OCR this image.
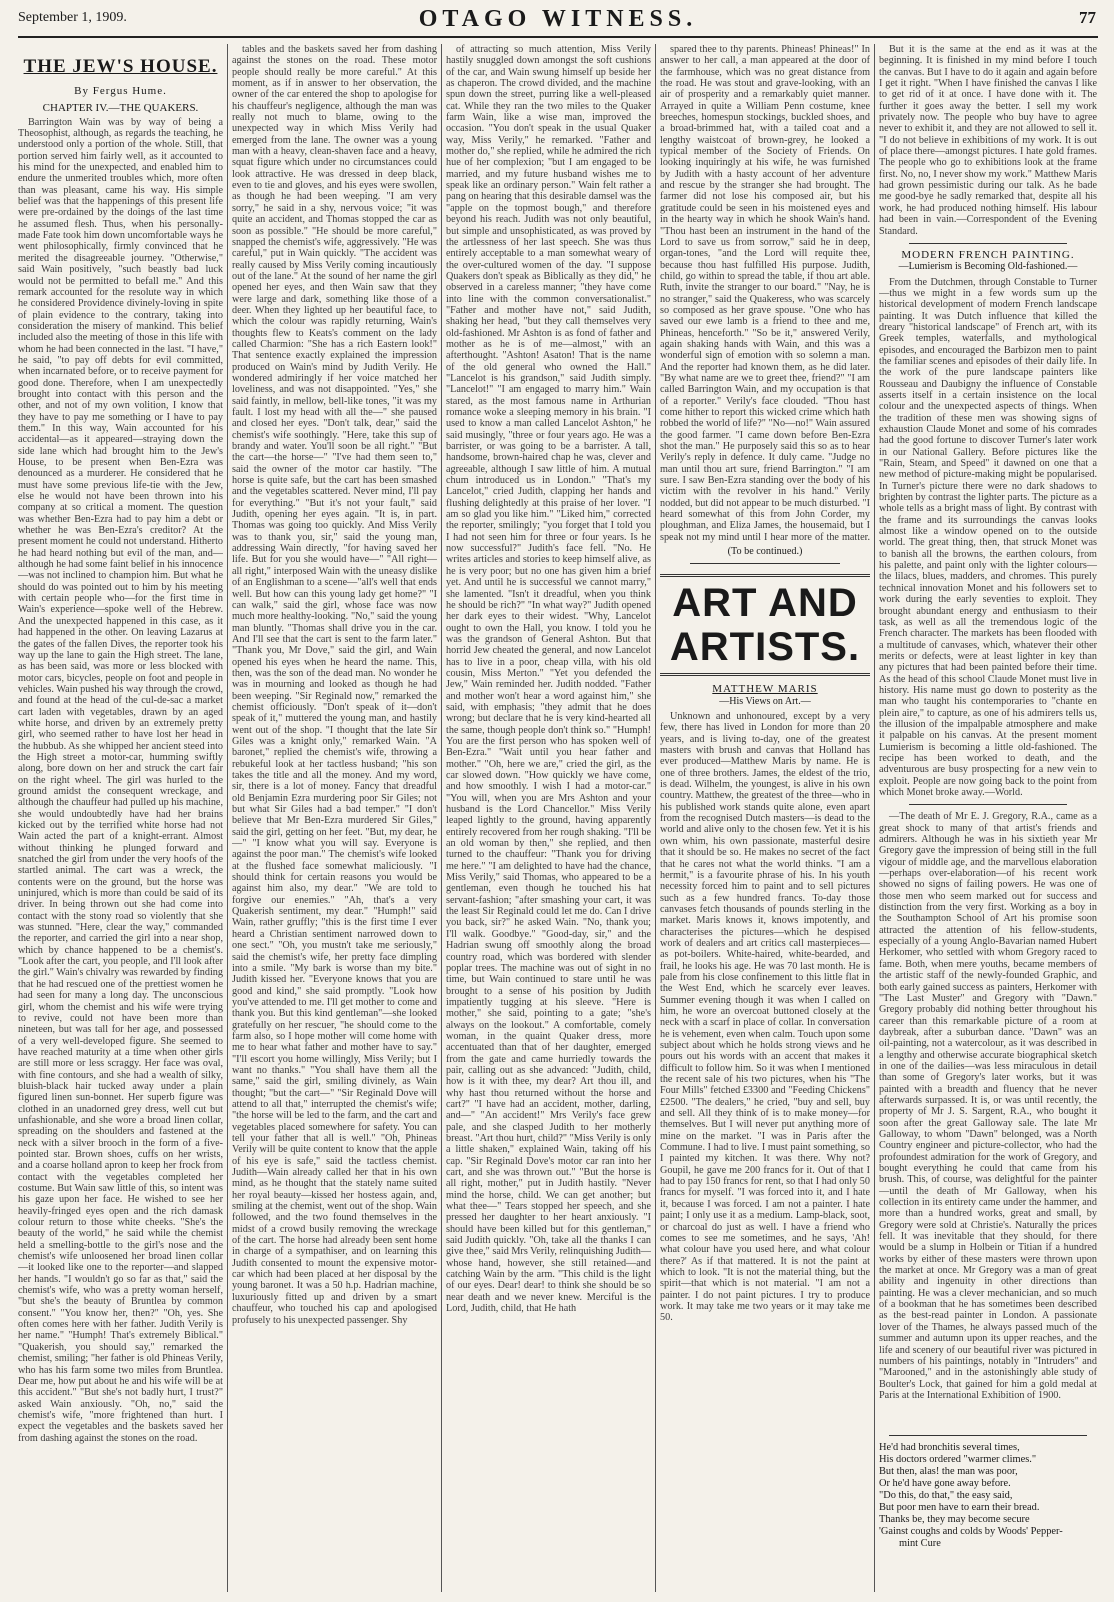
September 1, 1909.	OTAGO WITNESS.	77
THE JEW'S HOUSE.
By Fergus Hume.
CHAPTER IV.—THE QUAKERS.

Barrington Wain was by way of being a Theosophist, although, as regards the teaching, he understood only a portion of the whole. Still, that portion served him fairly well, as it accounted to his mind for the unexpected, and enabled him to endure the unmerited troubles which, more often than was pleasant, came his way. His simple belief was that the happenings of this present life were pre-ordained by the doings of the last time he assumed flesh. Thus, when his personally-made Fate took him down uncomfortable ways he went philosophically, firmly convinced that he merited the disagreeable journey. "Otherwise," said Wain positively, "such beastly bad luck would not be permitted to befall me." And this remark accounted for the resolute way in which he considered Providence divinely-loving in spite of plain evidence to the contrary, taking into consideration the misery of mankind. This belief included also the meeting of those in this life with whom he had been connected in the last. "I have," he said, "to pay off debts for evil committed, when incarnated before, or to receive payment for good done. Therefore, when I am unexpectedly brought into contact with this person and the other, and not of my own volition, I know that they have to pay me something or I have to pay them." In this way, Wain accounted for his accidental—as it appeared—straying down the side lane which had brought him to the Jew's House, to be present when Ben-Ezra was denounced as a murderer. He considered that he must have some previous life-tie with the Jew, else he would not have been thrown into his company at so critical a moment. The question was whether Ben-Ezra had to pay him a debt or whether he was Ben-Ezra's creditor? At the present moment he could not understand. Hitherto he had heard nothing but evil of the man, and—although he had some faint belief in his innocence—was not inclined to champion him. But what he should do was pointed out to him by his meeting with certain people who—for the first time in Wain's experience—spoke well of the Hebrew. And the unexpected happened in this case, as it had happened in the other. On leaving Lazarus at the gates of the fallen Dives, the reporter took his way up the lane to gain the High street. The lane, as has been said, was more or less blocked with motor cars, bicycles, people on foot and people in vehicles. Wain pushed his way through the crowd, and found at the head of the cul-de-sac a market cart laden with vegetables, drawn by an aged white horse, and driven by an extremely pretty girl, who seemed rather to have lost her head in the hubbub. As she whipped her ancient steed into the High street a motor-car, humming swiftly along, bore down on her and struck the cart fair on the right wheel. The girl was hurled to the ground amidst the consequent wreckage, and although the chauffeur had pulled up his machine, she would undoubtedly have had her brains kicked out by the terrified white horse had not Wain acted the part of a knight-errant. Almost without thinking he plunged forward and snatched the girl from under the very hoofs of the startled animal. The cart was a wreck, the contents were on the ground, but the horse was uninjured, which is more than could be said of its driver. In being thrown out she had come into contact with the stony road so violently that she was stunned. "Here, clear the way," commanded the reporter, and carried the girl into a near shop, which by chance happened to be a chemist's. "Look after the cart, you people, and I'll look after the girl." Wain's chivalry was rewarded by finding that he had rescued one of the prettiest women he had seen for many a long day. The unconscious girl, whom the chemist and his wife were trying to revive, could not have been more than nineteen, but was tall for her age, and possessed of a very well-developed figure. She seemed to have reached maturity at a time when other girls are still more or less scraggy. Her face was oval, with fine contours, and she had a wealth of silky, bluish-black hair tucked away under a plain figured linen sun-bonnet. Her superb figure was clothed in an unadorned grey dress, well cut but unfashionable, and she wore a broad linen collar, spreading on the shoulders and fastened at the neck with a silver brooch in the form of a five-pointed star. Brown shoes, cuffs on her wrists, and a coarse holland apron to keep her frock from contact with the vegetables completed her costume. But Wain saw little of this, so intent was his gaze upon her face. He wished to see her heavily-fringed eyes open and the rich damask colour return to those white cheeks. "She's the beauty of the world," he said while the chemist held a smelling-bottle to the girl's nose and the chemist's wife unloosened her broad linen collar—it looked like one to the reporter—and slapped her hands. "I wouldn't go so far as that," said the chemist's wife, who was a pretty woman herself, "but she's the beauty of Bruntlea by common consent." "You know her, then?" "Oh, yes. She often comes here with her father. Judith Verily is her name." "Humph! That's extremely Biblical." "Quakerish, you should say," remarked the chemist, smiling; "her father is old Phineas Verily, who has his farm some two miles from Bruntlea. Dear me, how put about he and his wife will be at this accident." "But she's not badly hurt, I trust?" asked Wain anxiously. "Oh, no," said the chemist's wife, "more frightened than hurt. I expect the vegetables and the baskets saved her from dashing against the stones on the road.

tables and the baskets saved her from dashing against the stones on the road. These motor people should really be more careful." At this moment, as if in answer to her observation, the owner of the car entered the shop to apologise for his chauffeur's negligence, although the man was really not much to blame, owing to the unexpected way in which Miss Verily had emerged from the lane. The owner was a young man with a heavy, clean-shaven face and a heavy, squat figure which under no circumstances could look attractive. He was dressed in deep black, even to tie and gloves, and his eyes were swollen, as though he had been weeping. "I am very sorry," he said in a shy, nervous voice; "it was quite an accident, and Thomas stopped the car as soon as possible." "He should be more careful," snapped the chemist's wife, aggressively. "He was careful," put in Wain quickly. "The accident was really caused by Miss Verily coming incautiously out of the lane." At the sound of her name the girl opened her eyes, and then Wain saw that they were large and dark, something like those of a deer. When they lighted up her beautiful face, to which the colour was rapidly returning, Wain's thoughts flew to Keats's comment on the lady called Charmion: "She has a rich Eastern look!" That sentence exactly explained the impression produced on Wain's mind by Judith Verily. He wondered admiringly if her voice matched her loveliness, and was not disappointed. "Yes," she said faintly, in mellow, bell-like tones, "it was my fault. I lost my head with all the—" she paused and closed her eyes. "Don't talk, dear," said the chemist's wife soothingly. "Here, take this sup of brandy and water. You'll soon be all right." "But the cart—the horse—" "I've had them seen to," said the owner of the motor car hastily. "The horse is quite safe, but the cart has been smashed and the vegetables scattered. Never mind, I'll pay for everything." "But it's not your fault," said Judith, opening her eyes again. "It is, in part. Thomas was going too quickly. And Miss Verily was to thank you, sir," said the young man, addressing Wain directly, "for having saved her life. But for you she would have—" "All right—all right," interposed Wain with the uneasy dislike of an Englishman to a scene—"all's well that ends well. But how can this young lady get home?" "I can walk," said the girl, whose face was now much more healthy-looking. "No," said the young man bluntly. "Thomas shall drive you in the car. And I'll see that the cart is sent to the farm later." "Thank you, Mr Dove," said the girl, and Wain opened his eyes when he heard the name. This, then, was the son of the dead man. No wonder he was in mourning and looked as though he had been weeping. "Sir Reginald now," remarked the chemist officiously. "Don't speak of it—don't speak of it," muttered the young man, and hastily went out of the shop. "I thought that the late Sir Giles was a knight only," remarked Wain. "A baronet," replied the chemist's wife, throwing a rebukeful look at her tactless husband; "his son takes the title and all the money. And my word, sir, there is a lot of money. Fancy that dreadful old Benjamin Ezra murdering poor Sir Giles; not but what Sir Giles had a bad temper." "I don't believe that Mr Ben-Ezra murdered Sir Giles," said the girl, getting on her feet. "But, my dear, he—" "I know what you will say. Everyone is against the poor man." The chemist's wife looked at the flushed face somewhat maliciously. "I should think for certain reasons you would be against him also, my dear." "We are told to forgive our enemies." "Ah, that's a very Quakerish sentiment, my dear." "Humph!" said Wain, rather gruffly; "this is the first time I ever heard a Christian sentiment narrowed down to one sect." "Oh, you mustn't take me seriously," said the chemist's wife, her pretty face dimpling into a smile. "My bark is worse than my bite." Judith kissed her. "Everyone knows that you are good and kind," she said promptly. "Look how you've attended to me. I'll get mother to come and thank you. But this kind gentleman"—she looked gratefully on her rescuer, "he should come to the farm also, so I hope mother will come home with me to hear what father and mother have to say." "I'll escort you home willingly, Miss Verily; but I want no thanks." "You shall have them all the same," said the girl, smiling divinely, as Wain thought; "but the cart—" "Sir Reginald Dove will attend to all that," interrupted the chemist's wife; "the horse will be led to the farm, and the cart and vegetables placed somewhere for safety. You can tell your father that all is well." "Oh, Phineas Verily will be quite content to know that the apple of his eye is safe," said the tactless chemist. Judith—Wain already called her that in his own mind, as he thought that the stately name suited her royal beauty—kissed her hostess again, and, smiling at the chemist, went out of the shop. Wain followed, and the two found themselves in the midst of a crowd busily removing the wreckage of the cart. The horse had already been sent home in charge of a sympathiser, and on learning this Judith consented to mount the expensive motor-car which had been placed at her disposal by the young baronet. It was a 50 h.p. Hadrian machine, luxuriously fitted up and driven by a smart chauffeur, who touched his cap and apologised profusely to his unexpected passenger. Shy

of attracting so much attention, Miss Verily hastily snuggled down amongst the soft cushions of the car, and Wain swung himself up beside her as chaperon. The crowd divided, and the machine spun down the street, purring like a well-pleased cat. While they ran the two miles to the Quaker farm Wain, like a wise man, improved the occasion. "You don't speak in the usual Quaker way, Miss Verily," he remarked. "Father and mother do," she replied, while he admired the rich hue of her complexion; "but I am engaged to be married, and my future husband wishes me to speak like an ordinary person." Wain felt rather a pang on hearing that this desirable damsel was the "apple on the topmost bough," and therefore beyond his reach. Judith was not only beautiful, but simple and unsophisticated, as was proved by the artlessness of her last speech. She was thus entirely acceptable to a man somewhat weary of the over-cultured women of the day. "I suppose Quakers don't speak as Biblically as they did," he observed in a careless manner; "they have come into line with the common conversationalist." "Father and mother have not," said Judith, shaking her head, "but they call themselves very old-fashioned. Mr Ashton is as fond of father and mother as he is of me—almost," with an afterthought. "Ashton! Asaton! That is the name of the old general who owned the Hall." "Lancelot is his grandson," said Judith simply. "Lancelot!" "I am engaged to marry him." Wain stared, as the most famous name in Arthurian romance woke a sleeping memory in his brain. "I used to know a man called Lancelot Ashton," he said musingly, "three or four years ago. He was a barrister, or was going to be a barrister. A tall, handsome, brown-haired chap he was, clever and agreeable, although I saw little of him. A mutual chum introduced us in London." "That's my Lancelot," cried Judith, clapping her hands and flushing delightedly at this praise of her lover. "I am so glad you like him." "Liked him," corrected the reporter, smilingly; "you forget that I told you I had not seen him for three or four years. Is he now successful?" Judith's face fell. "No. He writes articles and stories to keep himself alive, as he is very poor; but no one has given him a brief yet. And until he is successful we cannot marry," she lamented. "Isn't it dreadful, when you think he should be rich?" "In what way?" Judith opened her dark eyes to their widest. "Why, Lancelot ought to own the Hall, you know. I told you he was the grandson of General Ashton. But that horrid Jew cheated the general, and now Lancelot has to live in a poor, cheap villa, with his old cousin, Miss Merton." "Yet you defended the Jew," Wain reminded her. Judith nodded. "Father and mother won't hear a word against him," she said, with emphasis; "they admit that he does wrong; but declare that he is very kind-hearted all the same, though people don't think so." "Humph! You are the first person who has spoken well of Ben-Ezra." "Wait until you hear father and mother." "Oh, here we are," cried the girl, as the car slowed down. "How quickly we have come, and how smoothly. I wish I had a motor-car." "You will, when you are Mrs Ashton and your husband is the Lord Chancellor." Miss Verily leaped lightly to the ground, having apparently entirely recovered from her rough shaking. "I'll be an old woman by then," she replied, and then turned to the chauffeur: "Thank you for driving me here." "I am delighted to have had the chance, Miss Verily," said Thomas, who appeared to be a gentleman, even though he touched his hat servant-fashion; "after smashing your cart, it was the least Sir Reginald could let me do. Can I drive you back, sir?" he asked Wain. "No, thank you; I'll walk. Goodbye." "Good-day, sir," and the Hadrian swung off smoothly along the broad country road, which was bordered with slender poplar trees. The machine was out of sight in no time, but Wain continued to stare until he was brought to a sense of his position by Judith impatiently tugging at his sleeve. "Here is mother," she said, pointing to a gate; "she's always on the lookout." A comfortable, comely woman, in the quaint Quaker dress, more accentuated than that of her daughter, emerged from the gate and came hurriedly towards the pair, calling out as she advanced: "Judith, child, how is it with thee, my dear? Art thou ill, and why hast thou returned without the horse and cart?" "I have had an accident, mother, darling, and—" "An accident!" Mrs Verily's face grew pale, and she clasped Judith to her motherly breast. "Art thou hurt, child?" "Miss Verily is only a little shaken," explained Wain, taking off his cap. "Sir Reginald Dove's motor car ran into her cart, and she was thrown out." "But the horse is all right, mother," put in Judith hastily. "Never mind the horse, child. We can get another; but what thee—" Tears stopped her speech, and she pressed her daughter to her heart anxiously. "I should have been killed but for this gentleman," said Judith quickly. "Oh, take all the thanks I can give thee," said Mrs Verily, relinquishing Judith—whose hand, however, she still retained—and catching Wain by the arm. "This child is the light of our eyes. Dear! dear! to think she should be so near death and we never knew. Merciful is the Lord, Judith, child, that He hath

spared thee to thy parents. Phineas! Phineas!" In answer to her call, a man appeared at the door of the farmhouse, which was no great distance from the road. He was stout and grave-looking, with an air of prosperity and a remarkably quiet manner. Arrayed in quite a William Penn costume, knee breeches, homespun stockings, buckled shoes, and a broad-brimmed hat, with a tailed coat and a lengthy waistcoat of brown-grey, he looked a typical member of the Society of Friends. On looking inquiringly at his wife, he was furnished by Judith with a hasty account of her adventure and rescue by the stranger she had brought. The farmer did not lose his composed air, but his gratitude could be seen in his moistened eyes and in the hearty way in which he shook Wain's hand. "Thou hast been an instrument in the hand of the Lord to save us from sorrow," said he in deep, organ-tones, "and the Lord will requite thee, because thou hast fulfilled His purpose. Judith, child, go within to spread the table, if thou art able. Ruth, invite the stranger to our board." "Nay, he is no stranger," said the Quakeress, who was scarcely so composed as her grave spouse. "One who has saved our ewe lamb is a friend to thee and me, Phineas, henceforth." "So be it," answered Verily, again shaking hands with Wain, and this was a wonderful sign of emotion with so solemn a man. And the reporter had known them, as he did later. "By what name are we to greet thee, friend?" "I am called Barrington Wain, and my occupation is that of a reporter." Verily's face clouded. "Thou hast come hither to report this wicked crime which hath robbed the world of life?" "No—no!" Wain assured the good farmer. "I came down before Ben-Ezra shot the man." He purposely said this so as to hear Verily's reply in defence. It duly came. "Judge no man until thou art sure, friend Barrington." "I am sure. I saw Ben-Ezra standing over the body of his victim with the revolver in his hand." Verily nodded, but did not appear to be much disturbed. "I heard somewhat of this from John Corder, my ploughman, and Eliza James, the housemaid, but I speak not my mind until I hear more of the matter.

(To be continued.)

ART AND ARTISTS.
MATTHEW MARIS
—His Views on Art.—

Unknown and unhonoured, except by a very few, there has lived in London for more than 20 years, and is living to-day, one of the greatest masters with brush and canvas that Holland has ever produced—Matthew Maris by name. He is one of three brothers. James, the eldest of the trio, is dead. Wilhelm, the youngest, is alive in his own country. Matthew, the greatest of the three—who in his published work stands quite alone, even apart from the recognised Dutch masters—is dead to the world and alive only to the chosen few. Yet it is his own whim, his own passionate, masterful desire that it should be so. He makes no secret of the fact that he cares not what the world thinks. "I am a hermit," is a favourite phrase of his. In his youth necessity forced him to paint and to sell pictures such as a few hundred francs. To-day those canvases fetch thousands of pounds sterling in the market. Maris knows it, knows impotently, and characterises the pictures—which he despised work of dealers and art critics call masterpieces—as pot-boilers. White-haired, white-bearded, and frail, he looks his age. He was 70 last month. He is pale from his close confinement to this little flat in the West End, which he scarcely ever leaves. Summer evening though it was when I called on him, he wore an overcoat buttoned closely at the neck with a scarf in place of collar. In conversation he is vehement, even when calm. Touch upon some subject about which he holds strong views and he pours out his words with an accent that makes it difficult to follow him. So it was when I mentioned the recent sale of his two pictures, when his "The Four Mills" fetched £3300 and "Feeding Chickens" £2500. "The dealers," he cried, "buy and sell, buy and sell. All they think of is to make money—for themselves. But I will never put anything more of mine on the market. "I was in Paris after the Commune. I had to live. I must paint something, so I painted my kitchen. It was there. Why not? Goupil, he gave me 200 francs for it. Out of that I had to pay 150 francs for rent, so that I had only 50 francs for myself. "I was forced into it, and I hate it, because I was forced. I am not a painter. I hate paint; I only use it as a medium. Lamp-black, soot, or charcoal do just as well. I have a friend who comes to see me sometimes, and he says, 'Ah! what colour have you used here, and what colour there?' As if that mattered. It is not the paint at which to look. "It is not the material thing, but the spirit—that which is not material. "I am not a painter. I do not paint pictures. I try to produce work. It may take me two years or it may take me 50.

But it is the same at the end as it was at the beginning. It is finished in my mind before I touch the canvas. But I have to do it again and again before I get it right. "When I have finished the canvas I like to get rid of it at once. I have done with it. The further it goes away the better. I sell my work privately now. The people who buy have to agree never to exhibit it, and they are not allowed to sell it. "I do not believe in exhibitions of my work. It is out of place there—amongst pictures. I hate gold frames. The people who go to exhibitions look at the frame first. No, no, I never show my work." Matthew Maris had grown pessimistic during our talk. As he bade me good-bye he sadly remarked that, despite all his work, he had produced nothing himself. His labour had been in vain.—Correspondent of the Evening Standard.

MODERN FRENCH PAINTING.
—Lumierism is Becoming Old-fashioned.—

From the Dutchmen, through Constable to Turner—thus we might in a few words sum up the historical development of modern French landscape painting. It was Dutch influence that killed the dreary "historical landscape" of French art, with its Greek temples, waterfalls, and mythological episodes, and encouraged the Barbizon men to paint the familiar scenes and episodes of their daily life. In the work of the pure landscape painters like Rousseau and Daubigny the influence of Constable asserts itself in a certain insistence on the local colour and the unexpected aspects of things. When the tradition of these men was showing signs of exhaustion Claude Monet and some of his comrades had the good fortune to discover Turner's later work in our National Gallery. Before pictures like the "Rain, Steam, and Speed" it dawned on one that a new method of picture-making might be popularised. In Turner's picture there were no dark shadows to brighten by contrast the lighter parts. The picture as a whole tells as a bright mass of light. By contrast with the frame and its surroundings the canvas looks almost like a window opened on to the outside world. The great thing, then, that struck Monet was to banish all the browns, the earthen colours, from his palette, and paint only with the lighter colours—the lilacs, blues, madders, and chromes. This purely technical innovation Monet and his followers set to work during the early seventies to exploit. They brought abundant energy and enthusiasm to their task, as well as all the tremendous logic of the French character. The markets has been flooded with a multitude of canvases, which, whatever their other merits or defects, were at least lighter in key than any pictures that had been painted before their time. As the head of this school Claude Monet must live in history. His name must go down to posterity as the man who taught his contemporaries to "chante en plein aire," to capture, as one of his admirers tells us, the illusion of the impalpable atmosphere and make it palpable on his canvas. At the present moment Lumierism is becoming a little old-fashioned. The recipe has been worked to death, and the adventurous are busy prospecting for a new vein to exploit. People are now going back to the point from which Monet broke away.—World.

—The death of Mr E. J. Gregory, R.A., came as a great shock to many of that artist's friends and admirers. Although he was in his sixtieth year Mr Gregory gave the impression of being still in the full vigour of middle age, and the marvellous elaboration—perhaps over-elaboration—of his recent work showed no signs of failing powers. He was one of those men who seem marked out for success and distinction from the very first. Working as a boy in the Southampton School of Art his promise soon attracted the attention of his fellow-students, especially of a young Anglo-Bavarian named Hubert Herkomer, who settled with whom Gregory raced to fame. Both, when mere youths, became members of the artistic staff of the newly-founded Graphic, and both early gained success as painters, Herkomer with "The Last Muster" and Gregory with "Dawn." Gregory probably did nothing better throughout his career than this remarkable picture of a room at daybreak, after a suburban dance. "Dawn" was an oil-painting, not a watercolour, as it was described in a lengthy and otherwise accurate biographical sketch in one of the dailies—was less miraculous in detail than some of Gregory's later works, but it was painted with a breadth and fluency that he never afterwards surpassed. It is, or was until recently, the property of Mr J. S. Sargent, R.A., who bought it soon after the great Galloway sale. The late Mr Galloway, to whom "Dawn" belonged, was a North Country engineer and picture-collector, who had the profoundest admiration for the work of Gregory, and bought everything he could that came from his brush. This, of course, was delightful for the painter—until the death of Mr Galloway, when his collection in its entirety came under the hammer, and more than a hundred works, great and small, by Gregory were sold at Christie's. Naturally the prices fell. It was inevitable that they should, for there would be a slump in Holbein or Titian if a hundred works by either of these masters were thrown upon the market at once. Mr Gregory was a man of great ability and ingenuity in other directions than painting. He was a clever mechanician, and so much of a bookman that he has sometimes been described as the best-read painter in London. A passionate lover of the Thames, he always passed much of the summer and autumn upon its upper reaches, and the life and scenery of our beautiful river was pictured in numbers of his paintings, notably in "Intruders" and "Marooned," and in the astonishingly able study of Boulter's Lock, that gained for him a gold medal at Paris at the International Exhibition of 1900.

He'd had bronchitis several times,

His doctors ordered "warmer climes."

But then, alas! the man was poor,

Or he'd have gone away before.

"Do this, do that," the easy said,

But poor men have to earn their bread.

Thanks be, they may become secure

'Gainst coughs and colds by Woods' Pepper-

mint Cure
